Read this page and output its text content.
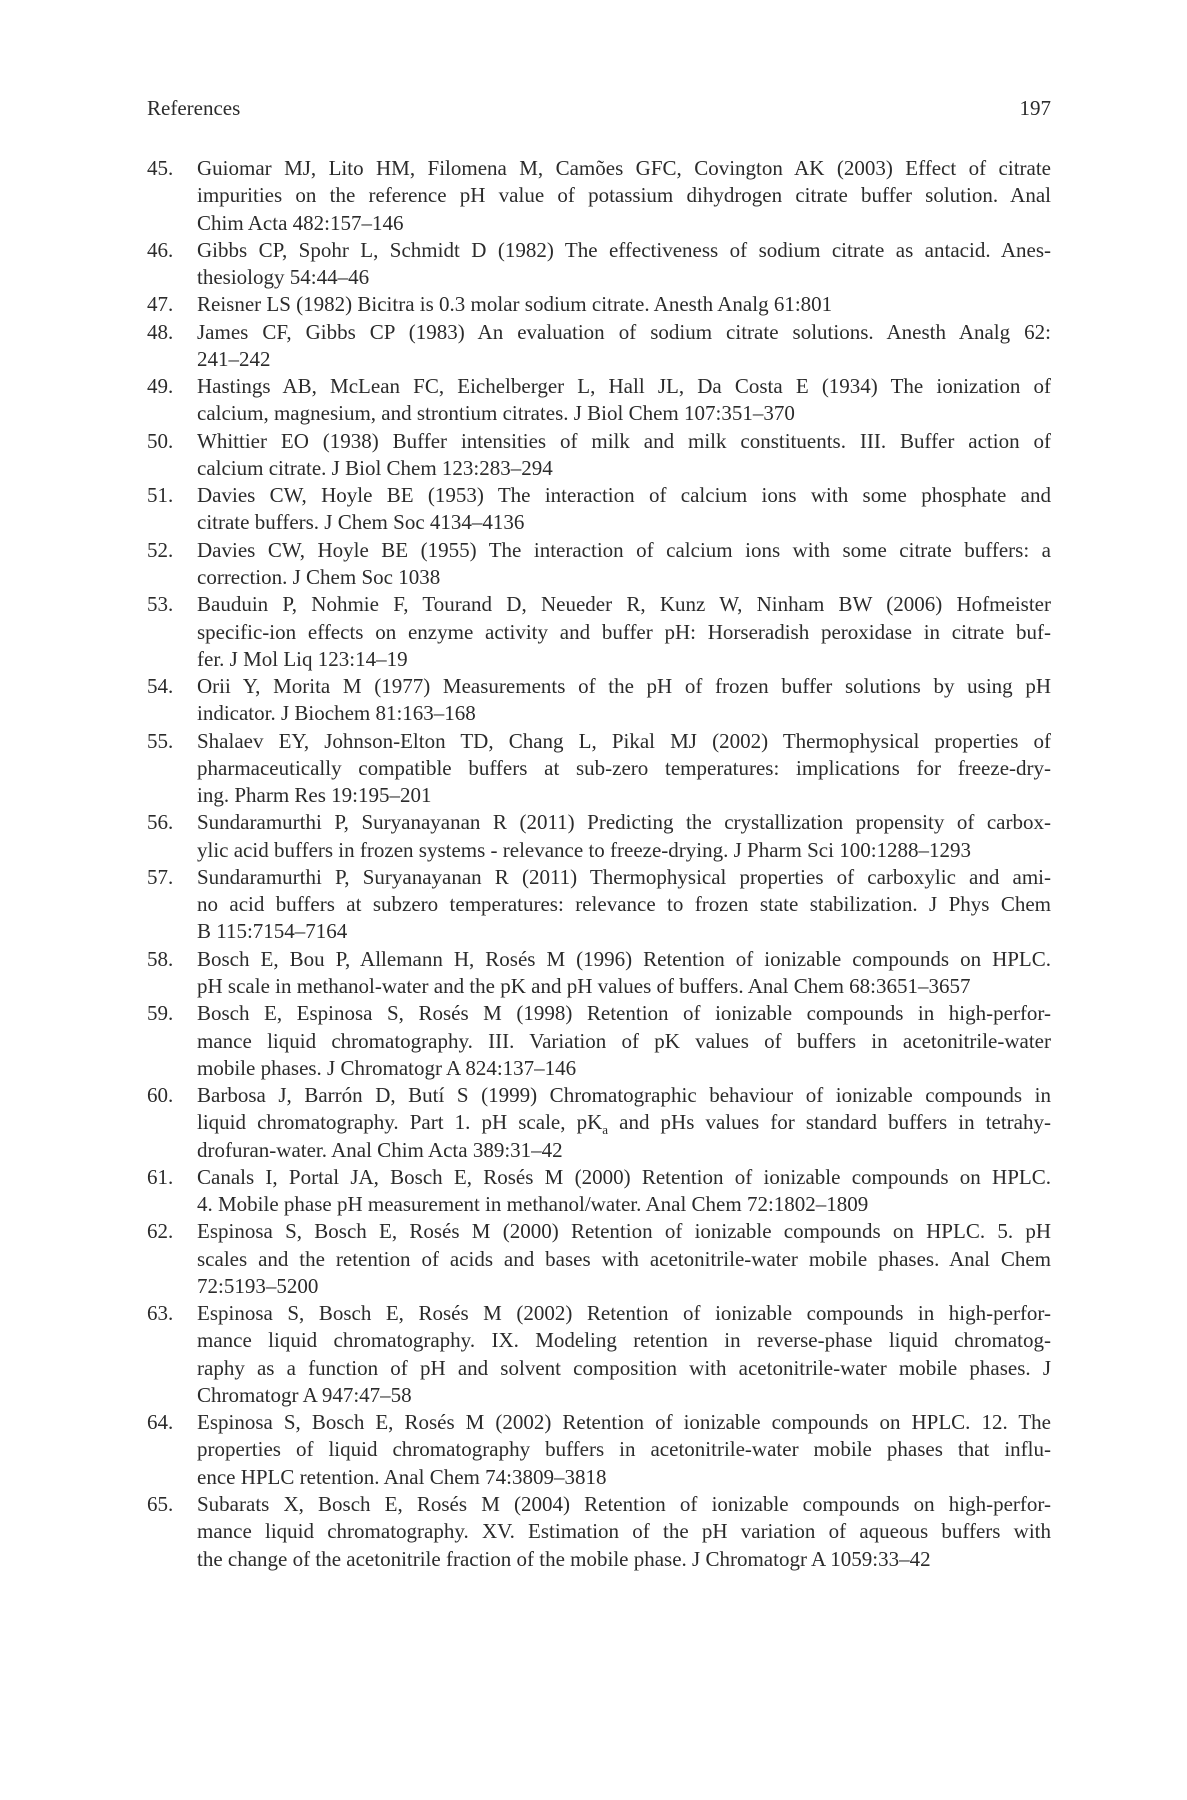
References	197
45. Guiomar MJ, Lito HM, Filomena M, Camões GFC, Covington AK (2003) Effect of citrate
impurities on the reference pH value of potassium dihydrogen citrate buffer solution. Anal
Chim Acta 482:157–146
46. Gibbs CP, Spohr L, Schmidt D (1982) The effectiveness of sodium citrate as antacid. Anes-
thesiology 54:44–46
47. Reisner LS (1982) Bicitra is 0.3 molar sodium citrate. Anesth Analg 61:801
48. James CF, Gibbs CP (1983) An evaluation of sodium citrate solutions. Anesth Analg 62:
241–242
49. Hastings AB, McLean FC, Eichelberger L, Hall JL, Da Costa E (1934) The ionization of
calcium, magnesium, and strontium citrates. J Biol Chem 107:351–370
50. Whittier EO (1938) Buffer intensities of milk and milk constituents. III. Buffer action of
calcium citrate. J Biol Chem 123:283–294
51. Davies CW, Hoyle BE (1953) The interaction of calcium ions with some phosphate and
citrate buffers. J Chem Soc 4134–4136
52. Davies CW, Hoyle BE (1955) The interaction of calcium ions with some citrate buffers: a
correction. J Chem Soc 1038
53. Bauduin P, Nohmie F, Tourand D, Neueder R, Kunz W, Ninham BW (2006) Hofmeister
specific-ion effects on enzyme activity and buffer pH: Horseradish peroxidase in citrate buf-
fer. J Mol Liq 123:14–19
54. Orii Y, Morita M (1977) Measurements of the pH of frozen buffer solutions by using pH
indicator. J Biochem 81:163–168
55. Shalaev EY, Johnson-Elton TD, Chang L, Pikal MJ (2002) Thermophysical properties of
pharmaceutically compatible buffers at sub-zero temperatures: implications for freeze-dry-
ing. Pharm Res 19:195–201
56. Sundaramurthi P, Suryanayanan R (2011) Predicting the crystallization propensity of carbox-
ylic acid buffers in frozen systems - relevance to freeze-drying. J Pharm Sci 100:1288–1293
57. Sundaramurthi P, Suryanayanan R (2011) Thermophysical properties of carboxylic and ami-
no acid buffers at subzero temperatures: relevance to frozen state stabilization. J Phys Chem
B 115:7154–7164
58. Bosch E, Bou P, Allemann H, Rosés M (1996) Retention of ionizable compounds on HPLC.
pH scale in methanol-water and the pK and pH values of buffers. Anal Chem 68:3651–3657
59. Bosch E, Espinosa S, Rosés M (1998) Retention of ionizable compounds in high-perfor-
mance liquid chromatography. III. Variation of pK values of buffers in acetonitrile-water
mobile phases. J Chromatogr A 824:137–146
60. Barbosa J, Barrón D, Butí S (1999) Chromatographic behaviour of ionizable compounds in
liquid chromatography. Part 1. pH scale, $pK_a$ and pHs values for standard buffers in tetrahy-
drofuran-water. Anal Chim Acta 389:31–42
61. Canals I, Portal JA, Bosch E, Rosés M (2000) Retention of ionizable compounds on HPLC.
4. Mobile phase pH measurement in methanol/water. Anal Chem 72:1802–1809
62. Espinosa S, Bosch E, Rosés M (2000) Retention of ionizable compounds on HPLC. 5. pH
scales and the retention of acids and bases with acetonitrile-water mobile phases. Anal Chem
72:5193–5200
63. Espinosa S, Bosch E, Rosés M (2002) Retention of ionizable compounds in high-perfor-
mance liquid chromatography. IX. Modeling retention in reverse-phase liquid chromatog-
raphy as a function of pH and solvent composition with acetonitrile-water mobile phases. J
Chromatogr A 947:47–58
64. Espinosa S, Bosch E, Rosés M (2002) Retention of ionizable compounds on HPLC. 12. The
properties of liquid chromatography buffers in acetonitrile-water mobile phases that influ-
ence HPLC retention. Anal Chem 74:3809–3818
65. Subarats X, Bosch E, Rosés M (2004) Retention of ionizable compounds on high-perfor-
mance liquid chromatography. XV. Estimation of the pH variation of aqueous buffers with
the change of the acetonitrile fraction of the mobile phase. J Chromatogr A 1059:33–42
